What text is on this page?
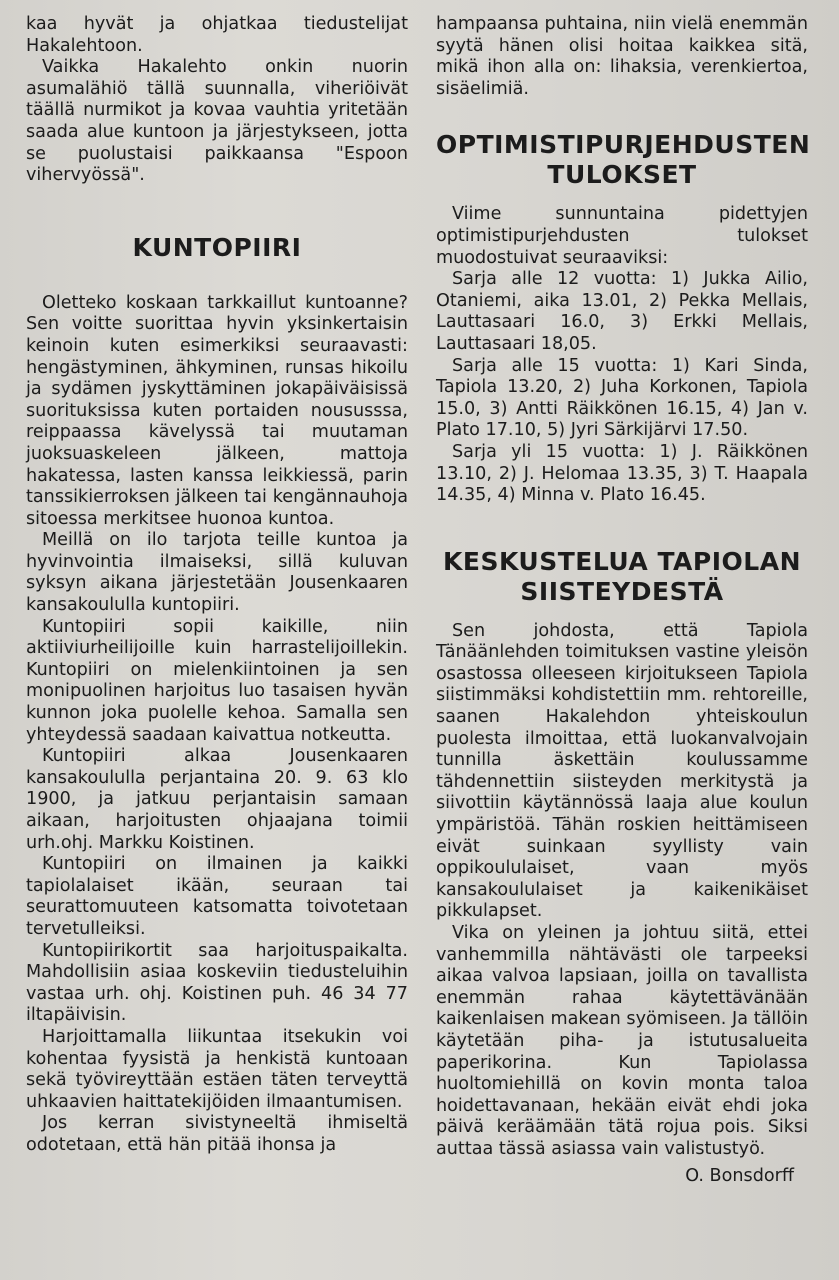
kaa hyvät ja ohjatkaa tiedustelijat Hakalehtoon.

Vaikka Hakalehto onkin nuorin asumalähiö tällä suunnalla, viheriöivät täällä nurmikot ja kovaa vauhtia yritetään saada alue kuntoon ja järjestykseen, jotta se puolustaisi paikkaansa "Espoon vihervyössä".

KUNTOPIIRI

Oletteko koskaan tarkkaillut kuntoanne? Sen voitte suorittaa hyvin yksinkertaisin keinoin kuten esimerkiksi seuraavasti: hengästyminen, ähkyminen, runsas hikoilu ja sydämen jyskyttäminen jokapäiväisissä suorituksissa kuten portaiden noususssa, reippaassa kävelyssä tai muutaman juoksuaskeleen jälkeen, mattoja hakatessa, lasten kanssa leikkiessä, parin tanssikierroksen jälkeen tai kengännauhoja sitoessa merkitsee huonoa kuntoa.

Meillä on ilo tarjota teille kuntoa ja hyvinvointia ilmaiseksi, sillä kuluvan syksyn aikana järjestetään Jousenkaaren kansakoululla kuntopiiri.

Kuntopiiri sopii kaikille, niin aktiiviurheilijoille kuin harrastelijoillekin. Kuntopiiri on mielenkiintoinen ja sen monipuolinen harjoitus luo tasaisen hyvän kunnon joka puolelle kehoa. Samalla sen yhteydessä saadaan kaivattua notkeutta.

Kuntopiiri alkaa Jousenkaaren kansakoululla perjantaina 20. 9. 63 klo 1900, ja jatkuu perjantaisin samaan aikaan, harjoitusten ohjaajana toimii urh.ohj. Markku Koistinen.

Kuntopiiri on ilmainen ja kaikki tapiolalaiset ikään, seuraan tai seurattomuuteen katsomatta toivotetaan tervetulleiksi.

Kuntopiirikortit saa harjoituspaikalta. Mahdollisiin asiaa koskeviin tiedusteluihin vastaa urh. ohj. Koistinen puh. 46 34 77 iltapäivisin.

Harjoittamalla liikuntaa itsekukin voi kohentaa fyysistä ja henkistä kuntoaan sekä työvireyttään estäen täten terveyttä uhkaavien haittatekijöiden ilmaantumisen.

Jos kerran sivistyneeltä ihmiseltä odotetaan, että hän pitää ihonsa ja

hampaansa puhtaina, niin vielä enemmän syytä hänen olisi hoitaa kaikkea sitä, mikä ihon alla on: lihaksia, verenkiertoa, sisäelimiä.

OPTIMISTIPURJEHDUSTEN TULOKSET

Viime sunnuntaina pidettyjen optimistipurjehdusten tulokset muodostuivat seuraaviksi:

Sarja alle 12 vuotta: 1) Jukka Ailio, Otaniemi, aika 13.01, 2) Pekka Mellais, Lauttasaari 16.0, 3) Erkki Mellais, Lauttasaari 18,05.

Sarja alle 15 vuotta: 1) Kari Sinda, Tapiola 13.20, 2) Juha Korkonen, Tapiola 15.0, 3) Antti Räikkönen 16.15, 4) Jan v. Plato 17.10, 5) Jyri Särkijärvi 17.50.

Sarja yli 15 vuotta: 1) J. Räikkönen 13.10, 2) J. Helomaa 13.35, 3) T. Haapala 14.35, 4) Minna v. Plato 16.45.

KESKUSTELUA TAPIOLAN SIISTEYDESTÄ

Sen johdosta, että Tapiola Tänäänlehden toimituksen vastine yleisön osastossa olleeseen kirjoitukseen Tapiola siistimmäksi kohdistettiin mm. rehtoreille, saanen Hakalehdon yhteiskoulun puolesta ilmoittaa, että luokanvalvojain tunnilla äskettäin koulussamme tähdennettiin siisteyden merkitystä ja siivottiin käytännössä laaja alue koulun ympäristöä. Tähän roskien heittämiseen eivät suinkaan syyllisty vain oppikoululaiset, vaan myös kansakoululaiset ja kaikenikäiset pikkulapset.

Vika on yleinen ja johtuu siitä, ettei vanhemmilla nähtävästi ole tarpeeksi aikaa valvoa lapsiaan, joilla on tavallista enemmän rahaa käytettävänään kaikenlaisen makean syömiseen. Ja tällöin käytetään piha- ja istutusalueita paperikorina. Kun Tapiolassa huoltomiehillä on kovin monta taloa hoidettavanaan, hekään eivät ehdi joka päivä keräämään tätä rojua pois. Siksi auttaa tässä asiassa vain valistustyö.

O. Bonsdorff
